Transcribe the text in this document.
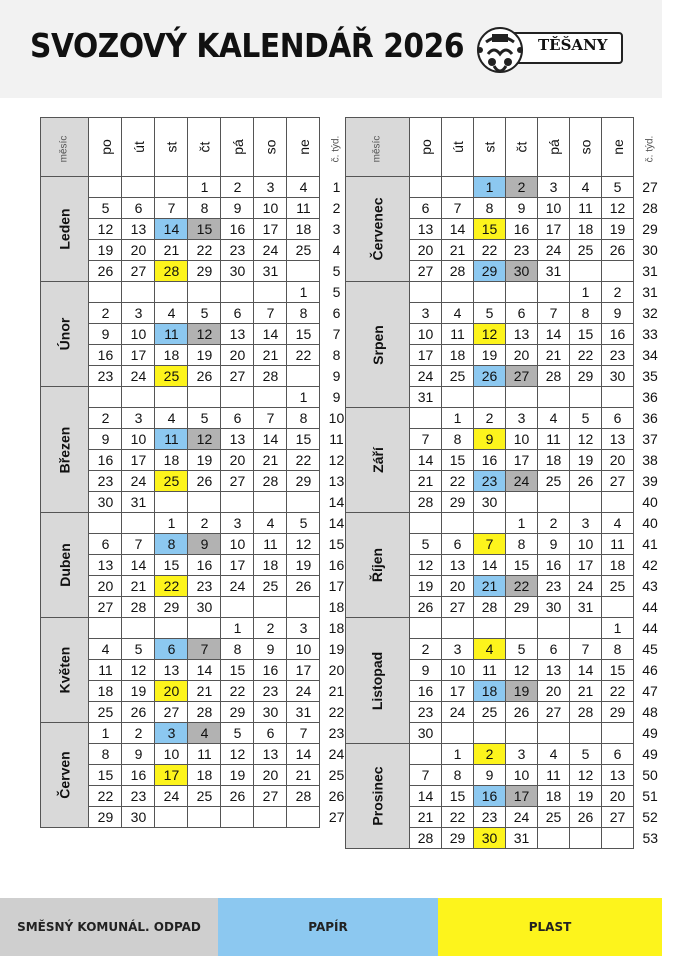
SVOZOVÝ KALENDÁŘ 2026	TĚŠANY
měsíc	po	út	st	čt	pá	so	ne	č. týd.
Leden				1	2	3	4	1
	5	6	7	8	9	10	11	2
	12	13	14	15	16	17	18	3
	19	20	21	22	23	24	25	4
	26	27	28	29	30	31		5
Únor							1	5
	2	3	4	5	6	7	8	6
	9	10	11	12	13	14	15	7
	16	17	18	19	20	21	22	8
	23	24	25	26	27	28		9
Březen							1	9
	2	3	4	5	6	7	8	10
	9	10	11	12	13	14	15	11
	16	17	18	19	20	21	22	12
	23	24	25	26	27	28	29	13
	30	31						14
Duben			1	2	3	4	5	14
	6	7	8	9	10	11	12	15
	13	14	15	16	17	18	19	16
	20	21	22	23	24	25	26	17
	27	28	29	30				18
Květen					1	2	3	18
	4	5	6	7	8	9	10	19
	11	12	13	14	15	16	17	20
	18	19	20	21	22	23	24	21
	25	26	27	28	29	30	31	22
Červen	1	2	3	4	5	6	7	23
	8	9	10	11	12	13	14	24
	15	16	17	18	19	20	21	25
	22	23	24	25	26	27	28	26
	29	30						27
měsíc	po	út	st	čt	pá	so	ne	č. týd.
Červenec			1	2	3	4	5	27
	6	7	8	9	10	11	12	28
	13	14	15	16	17	18	19	29
	20	21	22	23	24	25	26	30
	27	28	29	30	31			31
Srpen						1	2	31
	3	4	5	6	7	8	9	32
	10	11	12	13	14	15	16	33
	17	18	19	20	21	22	23	34
	24	25	26	27	28	29	30	35
	31							36
Září		1	2	3	4	5	6	36
	7	8	9	10	11	12	13	37
	14	15	16	17	18	19	20	38
	21	22	23	24	25	26	27	39
	28	29	30					40
Říjen				1	2	3	4	40
	5	6	7	8	9	10	11	41
	12	13	14	15	16	17	18	42
	19	20	21	22	23	24	25	43
	26	27	28	29	30	31		44
Listopad							1	44
	2	3	4	5	6	7	8	45
	9	10	11	12	13	14	15	46
	16	17	18	19	20	21	22	47
	23	24	25	26	27	28	29	48
	30							49
Prosinec		1	2	3	4	5	6	49
	7	8	9	10	11	12	13	50
	14	15	16	17	18	19	20	51
	21	22	23	24	25	26	27	52
	28	29	30	31				53
SMĚSNÝ KOMUNÁL. ODPAD	PAPÍR	PLAST
